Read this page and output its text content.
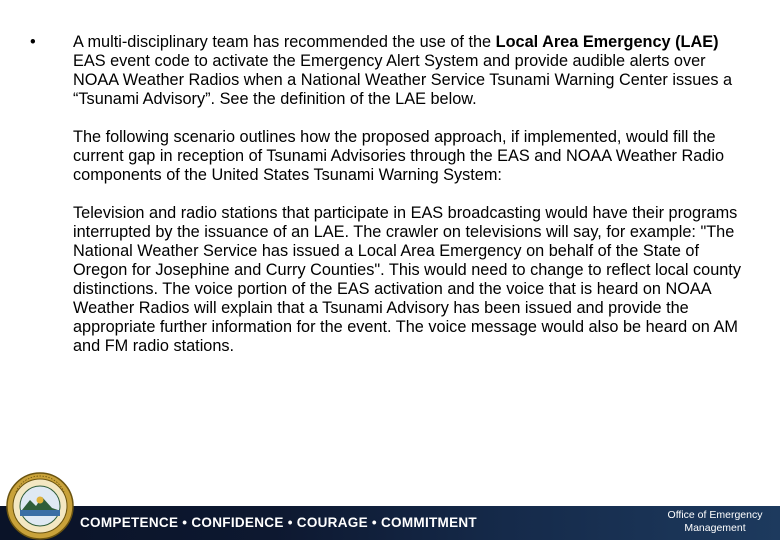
• A multi-disciplinary team has recommended the use of the Local Area Emergency (LAE) EAS event code to activate the Emergency Alert System and provide audible alerts over NOAA Weather Radios when a National Weather Service Tsunami Warning Center issues a “Tsunami Advisory”. See the definition of the LAE below.
The following scenario outlines how the proposed approach, if implemented, would fill the current gap in reception of Tsunami Advisories through the EAS and NOAA Weather Radio components of the United States Tsunami Warning System:
Television and radio stations that participate in EAS broadcasting would have their programs interrupted by the issuance of an LAE. The crawler on televisions will say, for example: "The National Weather Service has issued a Local Area Emergency on behalf of the State of Oregon for Josephine and Curry Counties". This would need to change to reflect local county distinctions. The voice portion of the EAS activation and the voice that is heard on NOAA Weather Radios will explain that a Tsunami Advisory has been issued and provide the appropriate further information for the event. The voice message would also be heard on AM and FM radio stations.
COMPETENCE • CONFIDENCE • COURAGE • COMMITMENT	Office of Emergency
Management
